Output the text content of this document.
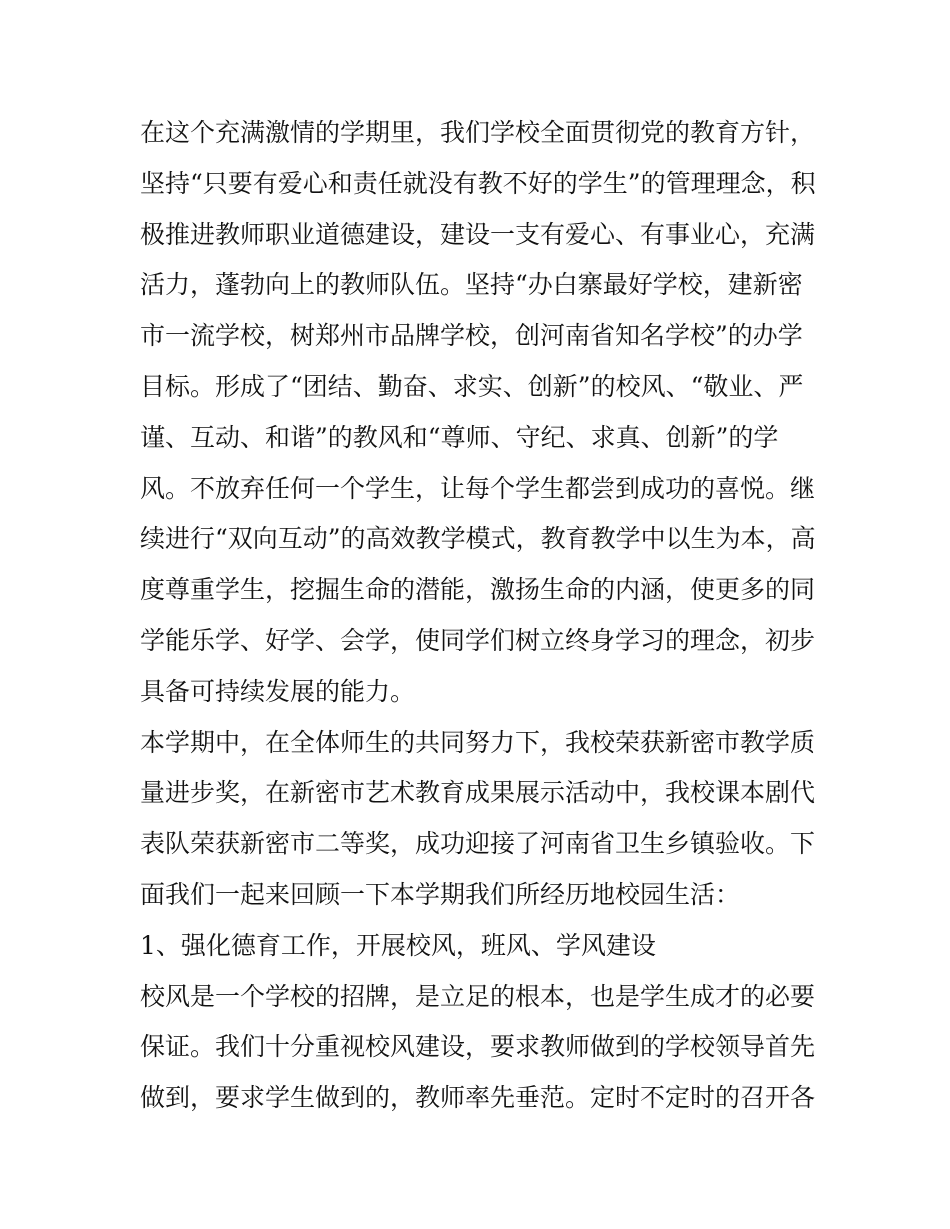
在这个充满激情的学期里，我们学校全面贯彻党的教育方针，
坚持“只要有爱心和责任就没有教不好的学生”的管理理念，积
极推进教师职业道德建设，建设一支有爱心、有事业心，充满
活力，蓬勃向上的教师队伍。坚持“办白寨最好学校，建新密
市一流学校，树郑州市品牌学校，创河南省知名学校”的办学
目标。形成了“团结、勤奋、求实、创新”的校风、“敬业、严
谨、互动、和谐”的教风和“尊师、守纪、求真、创新”的学
风。不放弃任何一个学生，让每个学生都尝到成功的喜悦。继
续进行“双向互动”的高效教学模式，教育教学中以生为本，高
度尊重学生，挖掘生命的潜能，激扬生命的内涵，使更多的同
学能乐学、好学、会学，使同学们树立终身学习的理念，初步
具备可持续发展的能力。
本学期中，在全体师生的共同努力下，我校荣获新密市教学质
量进步奖，在新密市艺术教育成果展示活动中，我校课本剧代
表队荣获新密市二等奖，成功迎接了河南省卫生乡镇验收。下
面我们一起来回顾一下本学期我们所经历地校园生活：
1、强化德育工作，开展校风，班风、学风建设
校风是一个学校的招牌，是立足的根本，也是学生成才的必要
保证。我们十分重视校风建设，要求教师做到的学校领导首先
做到，要求学生做到的，教师率先垂范。定时不定时的召开各
